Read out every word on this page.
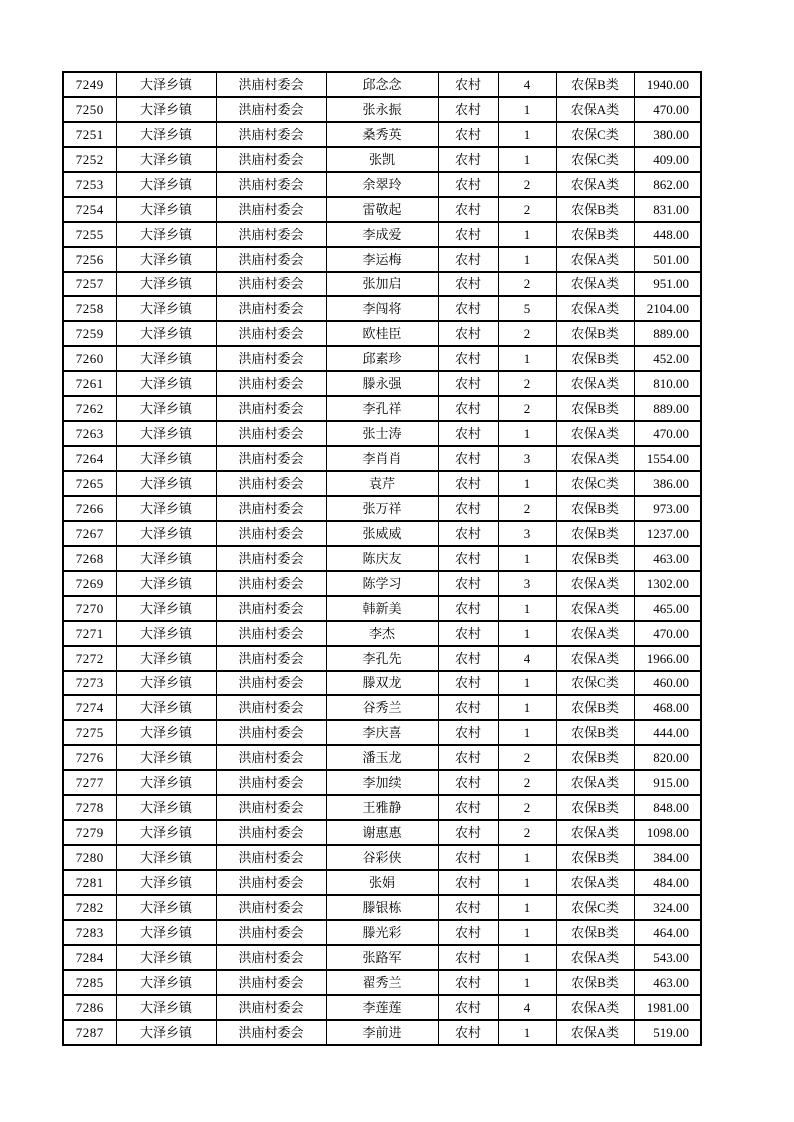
7249	大泽乡镇	洪庙村委会	邱念念	农村	4	农保B类	1940.00
7250	大泽乡镇	洪庙村委会	张永振	农村	1	农保A类	470.00
7251	大泽乡镇	洪庙村委会	桑秀英	农村	1	农保C类	380.00
7252	大泽乡镇	洪庙村委会	张凯	农村	1	农保C类	409.00
7253	大泽乡镇	洪庙村委会	余翠玲	农村	2	农保A类	862.00
7254	大泽乡镇	洪庙村委会	雷敬起	农村	2	农保B类	831.00
7255	大泽乡镇	洪庙村委会	李成爱	农村	1	农保B类	448.00
7256	大泽乡镇	洪庙村委会	李运梅	农村	1	农保A类	501.00
7257	大泽乡镇	洪庙村委会	张加启	农村	2	农保A类	951.00
7258	大泽乡镇	洪庙村委会	李闯将	农村	5	农保A类	2104.00
7259	大泽乡镇	洪庙村委会	欧桂臣	农村	2	农保B类	889.00
7260	大泽乡镇	洪庙村委会	邱素珍	农村	1	农保B类	452.00
7261	大泽乡镇	洪庙村委会	滕永强	农村	2	农保A类	810.00
7262	大泽乡镇	洪庙村委会	李孔祥	农村	2	农保B类	889.00
7263	大泽乡镇	洪庙村委会	张士涛	农村	1	农保A类	470.00
7264	大泽乡镇	洪庙村委会	李肖肖	农村	3	农保A类	1554.00
7265	大泽乡镇	洪庙村委会	袁芹	农村	1	农保C类	386.00
7266	大泽乡镇	洪庙村委会	张万祥	农村	2	农保B类	973.00
7267	大泽乡镇	洪庙村委会	张威威	农村	3	农保B类	1237.00
7268	大泽乡镇	洪庙村委会	陈庆友	农村	1	农保B类	463.00
7269	大泽乡镇	洪庙村委会	陈学习	农村	3	农保A类	1302.00
7270	大泽乡镇	洪庙村委会	韩新美	农村	1	农保A类	465.00
7271	大泽乡镇	洪庙村委会	李杰	农村	1	农保A类	470.00
7272	大泽乡镇	洪庙村委会	李孔先	农村	4	农保A类	1966.00
7273	大泽乡镇	洪庙村委会	滕双龙	农村	1	农保C类	460.00
7274	大泽乡镇	洪庙村委会	谷秀兰	农村	1	农保B类	468.00
7275	大泽乡镇	洪庙村委会	李庆喜	农村	1	农保B类	444.00
7276	大泽乡镇	洪庙村委会	潘玉龙	农村	2	农保B类	820.00
7277	大泽乡镇	洪庙村委会	李加续	农村	2	农保A类	915.00
7278	大泽乡镇	洪庙村委会	王雅静	农村	2	农保B类	848.00
7279	大泽乡镇	洪庙村委会	谢惠惠	农村	2	农保A类	1098.00
7280	大泽乡镇	洪庙村委会	谷彩侠	农村	1	农保B类	384.00
7281	大泽乡镇	洪庙村委会	张娟	农村	1	农保A类	484.00
7282	大泽乡镇	洪庙村委会	滕银栋	农村	1	农保C类	324.00
7283	大泽乡镇	洪庙村委会	滕光彩	农村	1	农保B类	464.00
7284	大泽乡镇	洪庙村委会	张路军	农村	1	农保A类	543.00
7285	大泽乡镇	洪庙村委会	翟秀兰	农村	1	农保B类	463.00
7286	大泽乡镇	洪庙村委会	李莲莲	农村	4	农保A类	1981.00
7287	大泽乡镇	洪庙村委会	李前进	农村	1	农保A类	519.00
